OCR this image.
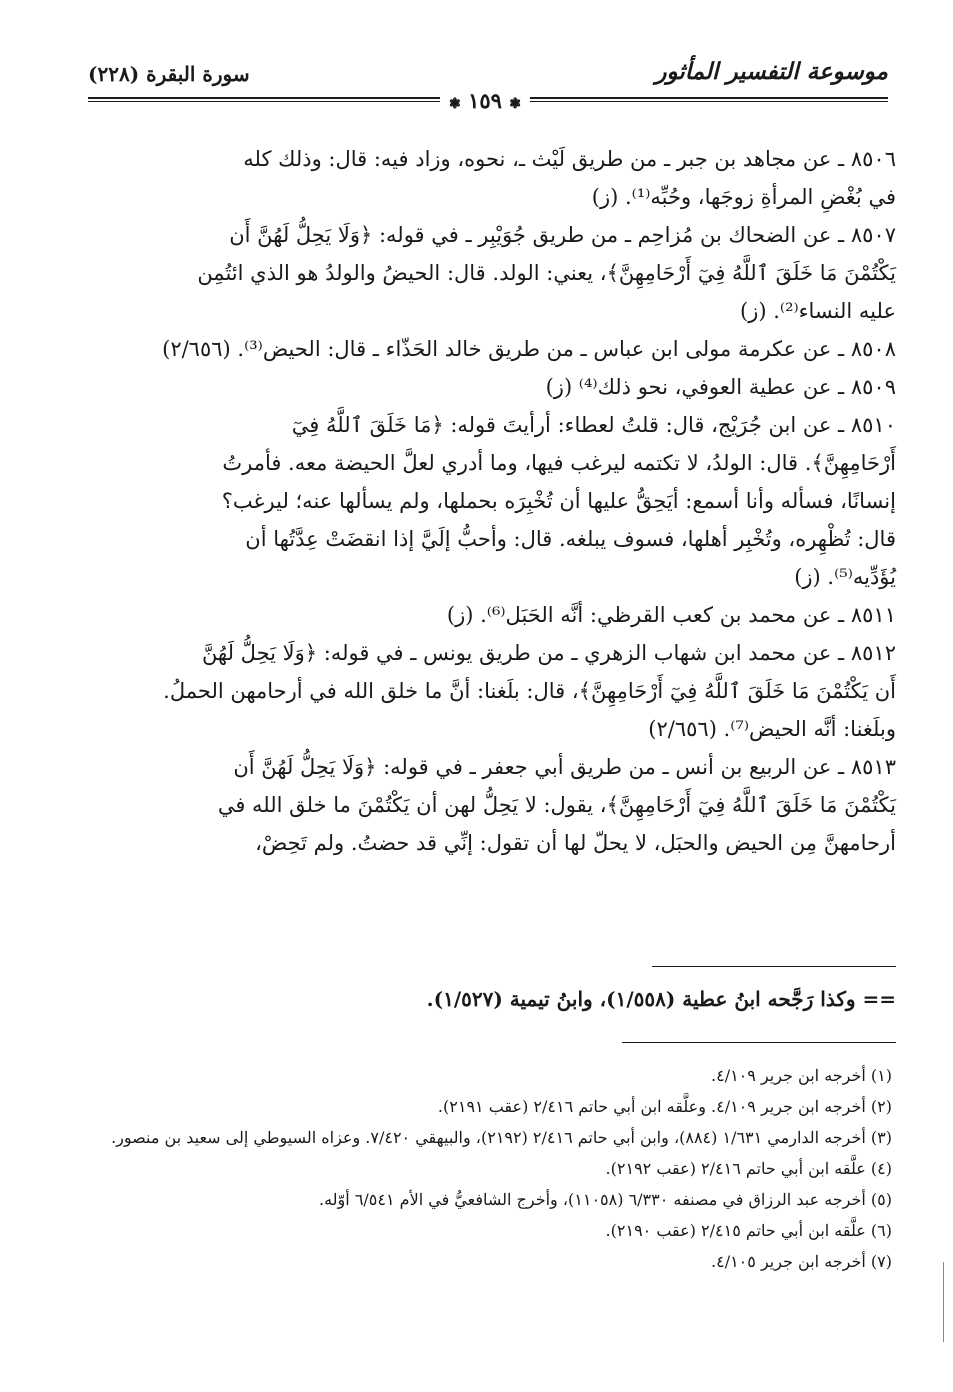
موسوعة التفسير المأثور
سورة البقرة (٢٢٨)
❃ ١٥٩ ❃
٨٥٠٦ ـ عن مجاهد بن جبر ـ من طريق لَيْث ـ، نحوه، وزاد فيه: قال: وذلك كله
في بُغْضِ المرأةِ زوجَها، وحُبِّه⁽¹⁾. (ز)
٨٥٠٧ ـ عن الضحاك بن مُزاحِم ـ من طريق جُوَيْبِر ـ في قوله: ﴿وَلَا يَحِلُّ لَهُنَّ أَن
يَكْتُمْنَ مَا خَلَقَ ٱللَّهُ فِيٓ أَرْحَامِهِنَّ﴾، يعني: الولد. قال: الحيضُ والولدُ هو الذي ائتُمِن
عليه النساء⁽²⁾. (ز)
٨٥٠٨ ـ عن عكرمة مولى ابن عباس ـ من طريق خالد الحَذّاء ـ قال: الحيض⁽³⁾. (٢/٦٥٦)
٨٥٠٩ ـ عن عطية العوفي، نحو ذلك⁽⁴⁾ (ز)
٨٥١٠ ـ عن ابن جُرَيْج، قال: قلتُ لعطاء: أرأيتَ قوله: ﴿مَا خَلَقَ ٱللَّهُ فِيٓ
أَرْحَامِهِنَّ﴾. قال: الولدُ، لا تكتمه ليرغب فيها، وما أدري لعلَّ الحيضة معه. فأمرتُ
إنسانًا، فسأله وأنا أسمع: أيَحِقُّ عليها أن تُخْبِرَه بحملها، ولم يسألها عنه؛ ليرغب؟
قال: تُظْهِره، وتُخْبِر أهلها، فسوف يبلغه. قال: وأحبُّ إلَيَّ إذا انقضَتْ عِدَّتُها أن
يُؤَدِّيه⁽⁵⁾. (ز)
٨٥١١ ـ عن محمد بن كعب القرظي: أنَّه الحَبَل⁽⁶⁾. (ز)
٨٥١٢ ـ عن محمد ابن شهاب الزهري ـ من طريق يونس ـ في قوله: ﴿وَلَا يَحِلُّ لَهُنَّ
أَن يَكْتُمْنَ مَا خَلَقَ ٱللَّهُ فِيٓ أَرْحَامِهِنَّ﴾، قال: بلَغنا: أنَّ ما خلق الله في أرحامهن الحملُ.
وبلَغنا: أنَّه الحيض⁽⁷⁾. (٢/٦٥٦)
٨٥١٣ ـ عن الربيع بن أنس ـ من طريق أبي جعفر ـ في قوله: ﴿وَلَا يَحِلُّ لَهُنَّ أَن
يَكْتُمْنَ مَا خَلَقَ ٱللَّهُ فِيٓ أَرْحَامِهِنَّ﴾، يقول: لا يَحِلُّ لهن أن يَكْتُمْنَ ما خلق الله في
أرحامهنَّ مِن الحيض والحبَل، لا يحلّ لها أن تقول: إنِّي قد حضتُ. ولم تَحِضْ،
== وكذا رَجَّحه ابنُ عطية (١/٥٥٨)، وابنُ تيمية (١/٥٢٧).

(١) أخرجه ابن جرير ٤/١٠٩.

(٢) أخرجه ابن جرير ٤/١٠٩. وعلَّقه ابن أبي حاتم ٢/٤١٦ (عقب ٢١٩١).

(٣) أخرجه الدارمي ١/٦٣١ (٨٨٤)، وابن أبي حاتم ٢/٤١٦ (٢١٩٢)، والبيهقي ٧/٤٢٠. وعزاه السيوطي إلى سعيد بن منصور.

(٤) علَّقه ابن أبي حاتم ٢/٤١٦ (عقب ٢١٩٢).

(٥) أخرجه عبد الرزاق في مصنفه ٦/٣٣٠ (١١٠٥٨)، وأخرج الشافعيُّ في الأم ٦/٥٤١ أوّله.

(٦) علَّقه ابن أبي حاتم ٢/٤١٥ (عقب ٢١٩٠).

(٧) أخرجه ابن جرير ٤/١٠٥.
